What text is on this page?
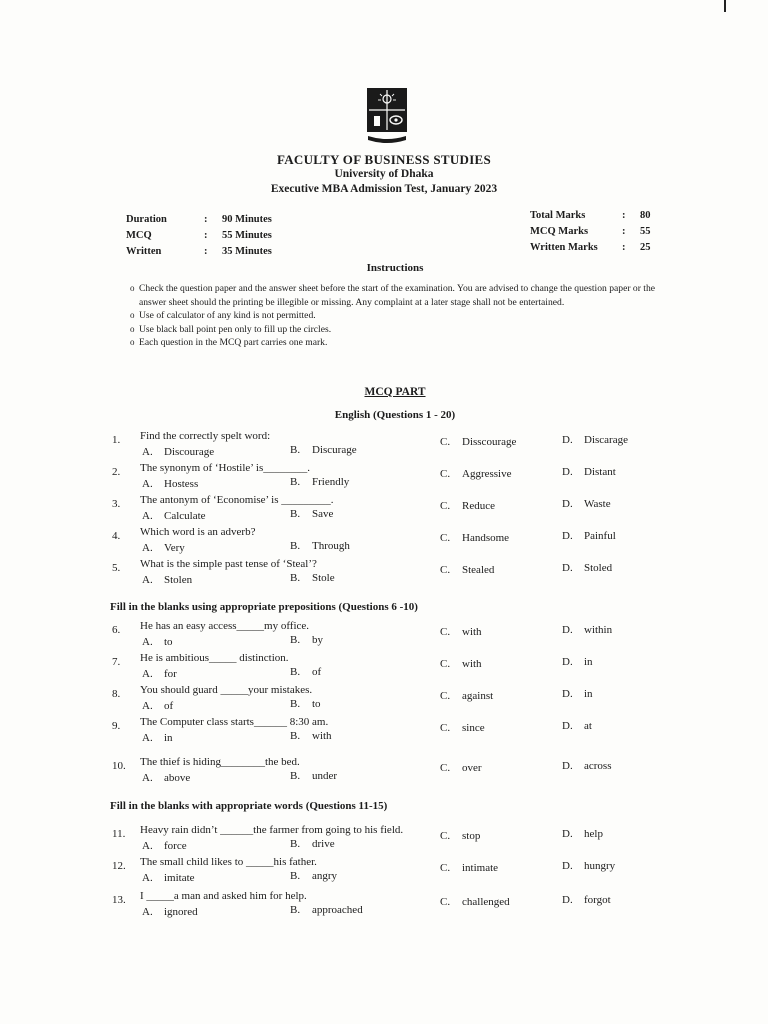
FACULTY OF BUSINESS STUDIES
University of Dhaka
Executive MBA Admission Test, January 2023
Duration	: 90 Minutes
MCQ	: 55 Minutes
Written	: 35 Minutes
Total Marks	: 80
MCQ Marks	: 55
Written Marks : 25
Instructions
o Check the question paper and the answer sheet before the start of the examination. You are advised to change the question paper or the answer sheet should the printing be illegible or missing. Any complaint at a later stage shall not be entertained.
o Use of calculator of any kind is not permitted.
o Use black ball point pen only to fill up the circles.
o Each question in the MCQ part carries one mark.
MCQ PART
English (Questions 1 - 20)
Fill in the blanks using appropriate prepositions (Questions 6 -10)
Fill in the blanks with appropriate words (Questions 11-15)
1. Find the correctly spelt word:
A. Discourage	B. Discurage
C. Disscourage	D. Discarage
2. The synonym of ‘Hostile’ is________.
A. Hostess	B. Friendly
C. Aggressive	D. Distant
3. The antonym of ‘Economise’ is _________.
A. Calculate	B. Save
C. Reduce	D. Waste
4. Which word is an adverb?
A. Very	B. Through
C. Handsome	D. Painful
5. What is the simple past tense of ‘Steal’?
A. Stolen	B. Stole
C. Stealed	D. Stoled
6. He has an easy access_____my office.
A. to	B. by
C. with	D. within
7. He is ambitious_____ distinction.
A. for	B. of
C. with	D. in
8. You should guard _____your mistakes.
A. of	B. to
C. against	D. in
9. The Computer class starts______ 8:30 am.
A. in	B. with
C. since	D. at
10. The thief is hiding________the bed.
A. above	B. under
C. over	D. across
11. Heavy rain didn’t ______the farmer from going to his field.
A. force	B. drive
C. stop	D. help
12. The small child likes to _____his father.
A. imitate	B. angry
C. intimate	D. hungry
13. I _____a man and asked him for help.
A. ignored	B. approached
C. challenged	D. forgot
